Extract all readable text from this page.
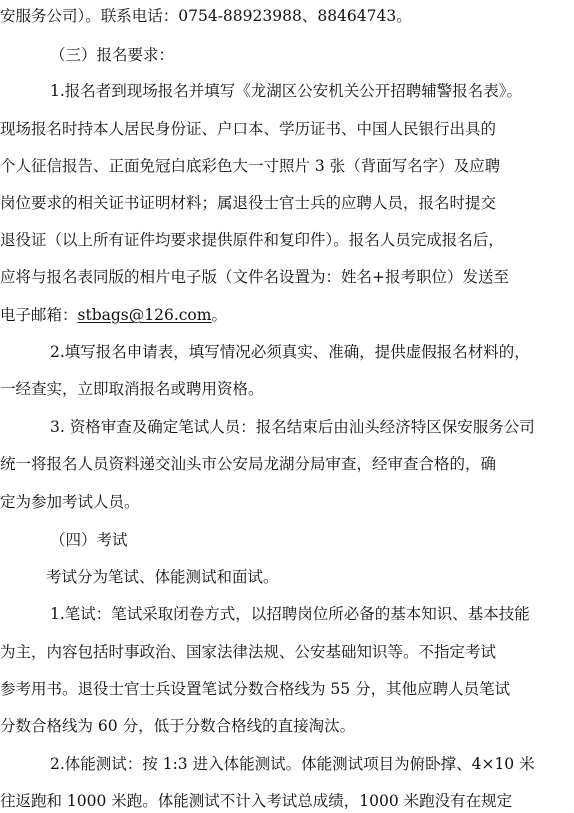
安服务公司）。联系电话：0754-88923988、88464743。
（三）报名要求：
1.报名者到现场报名并填写《龙湖区公安机关公开招聘辅警报名表》。
现场报名时持本人居民身份证、户口本、学历证书、中国人民银行出具的
个人征信报告、正面免冠白底彩色大一寸照片 3 张（背面写名字）及应聘
岗位要求的相关证书证明材料；属退役士官士兵的应聘人员，报名时提交
退役证（以上所有证件均要求提供原件和复印件）。报名人员完成报名后，
应将与报名表同版的相片电子版（文件名设置为：姓名+报考职位）发送至
电子邮箱：stbags@126.com。
2.填写报名申请表，填写情况必须真实、准确，提供虚假报名材料的，
一经查实，立即取消报名或聘用资格。
3. 资格审查及确定笔试人员：报名结束后由汕头经济特区保安服务公司
统一将报名人员资料递交汕头市公安局龙湖分局审查，经审查合格的，确
定为参加考试人员。
（四）考试
考试分为笔试、体能测试和面试。
1.笔试：笔试采取闭卷方式，以招聘岗位所必备的基本知识、基本技能
为主，内容包括时事政治、国家法律法规、公安基础知识等。不指定考试
参考用书。退役士官士兵设置笔试分数合格线为 55 分，其他应聘人员笔试
分数合格线为 60 分，低于分数合格线的直接淘汰。
2.体能测试：按 1:3 进入体能测试。体能测试项目为俯卧撑、4×10 米
往返跑和 1000 米跑。体能测试不计入考试总成绩，1000 米跑没有在规定
